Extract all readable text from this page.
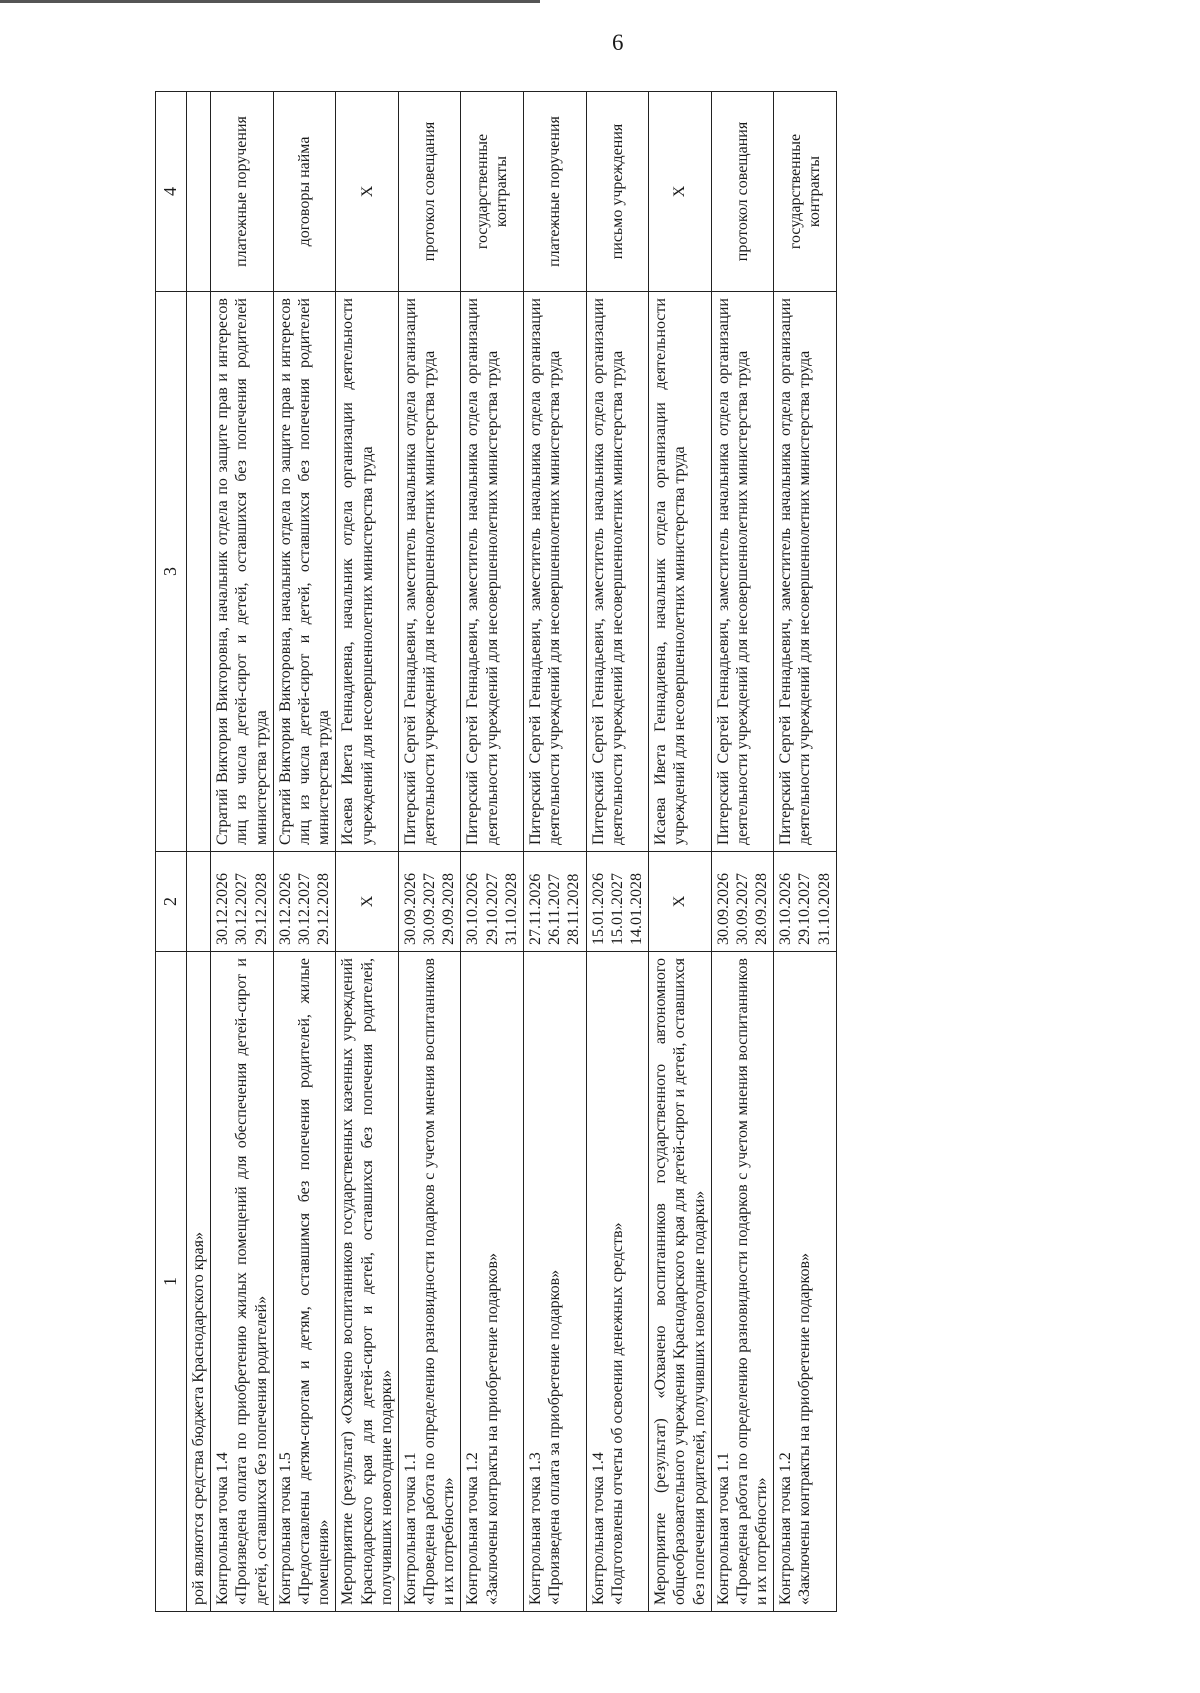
6
1	2	3	4
рой являются средства бюджета Краснодарского края»			
Контрольная точка 1.4
«Произведена оплата по приобретению жилых помещений для обеспечения детей-сирот и детей, оставшихся без попечения родителей»	30.12.2026 30.12.2027 29.12.2028	Стратий Виктория Викторовна, начальник отдела по защите прав и интересов лиц из числа детей-сирот и детей, оставшихся без попечения родителей министерства труда	платежные поручения
Контрольная точка 1.5
«Предоставлены детям-сиротам и детям, оставшимся без попечения родителей, жилые помещения»	30.12.2026 30.12.2027 29.12.2028	Стратий Виктория Викторовна, начальник отдела по защите прав и интересов лиц из числа детей-сирот и детей, оставшихся без попечения родителей министерства труда	договоры найма
Мероприятие (результат) «Охвачено воспитанников государственных казенных учреждений Краснодарского края для детей-сирот и детей, оставшихся без попечения родителей, получивших новогодние подарки»	Х	Исаева Ивета Геннадиевна, начальник отдела организации деятельности учреждений для несовершеннолетних министерства труда	Х
Контрольная точка 1.1
«Проведена работа по определению разновидности подарков с учетом мнения воспитанников и их потребности»	30.09.2026 30.09.2027 29.09.2028	Питерский Сергей Геннадьевич, заместитель начальника отдела организации деятельности учреждений для несовершеннолетних министерства труда	протокол совещания
Контрольная точка 1.2
«Заключены контракты на приобретение подарков»	30.10.2026 29.10.2027 31.10.2028	Питерский Сергей Геннадьевич, заместитель начальника отдела организации деятельности учреждений для несовершеннолетних министерства труда	государственные контракты
Контрольная точка 1.3
«Произведена оплата за приобретение подарков»	27.11.2026 26.11.2027 28.11.2028	Питерский Сергей Геннадьевич, заместитель начальника отдела организации деятельности учреждений для несовершеннолетних министерства труда	платежные поручения
Контрольная точка 1.4
«Подготовлены отчеты об освоении денежных средств»	15.01.2026 15.01.2027 14.01.2028	Питерский Сергей Геннадьевич, заместитель начальника отдела организации деятельности учреждений для несовершеннолетних министерства труда	письмо учреждения
Мероприятие (результат) «Охвачено воспитанников государственного автономного общеобразовательного учреждения Краснодарского края для детей-сирот и детей, оставшихся без попечения родителей, получивших новогодние подарки»	Х	Исаева Ивета Геннадиевна, начальник отдела организации деятельности учреждений для несовершеннолетних министерства труда	Х
Контрольная точка 1.1
«Проведена работа по определению разновидности подарков с учетом мнения воспитанников и их потребности»	30.09.2026 30.09.2027 28.09.2028	Питерский Сергей Геннадьевич, заместитель начальника отдела организации деятельности учреждений для несовершеннолетних министерства труда	протокол совещания
Контрольная точка 1.2
«Заключены контракты на приобретение подарков»	30.10.2026 29.10.2027 31.10.2028	Питерский Сергей Геннадьевич, заместитель начальника отдела организации деятельности учреждений для несовершеннолетних министерства труда	государственные контракты
